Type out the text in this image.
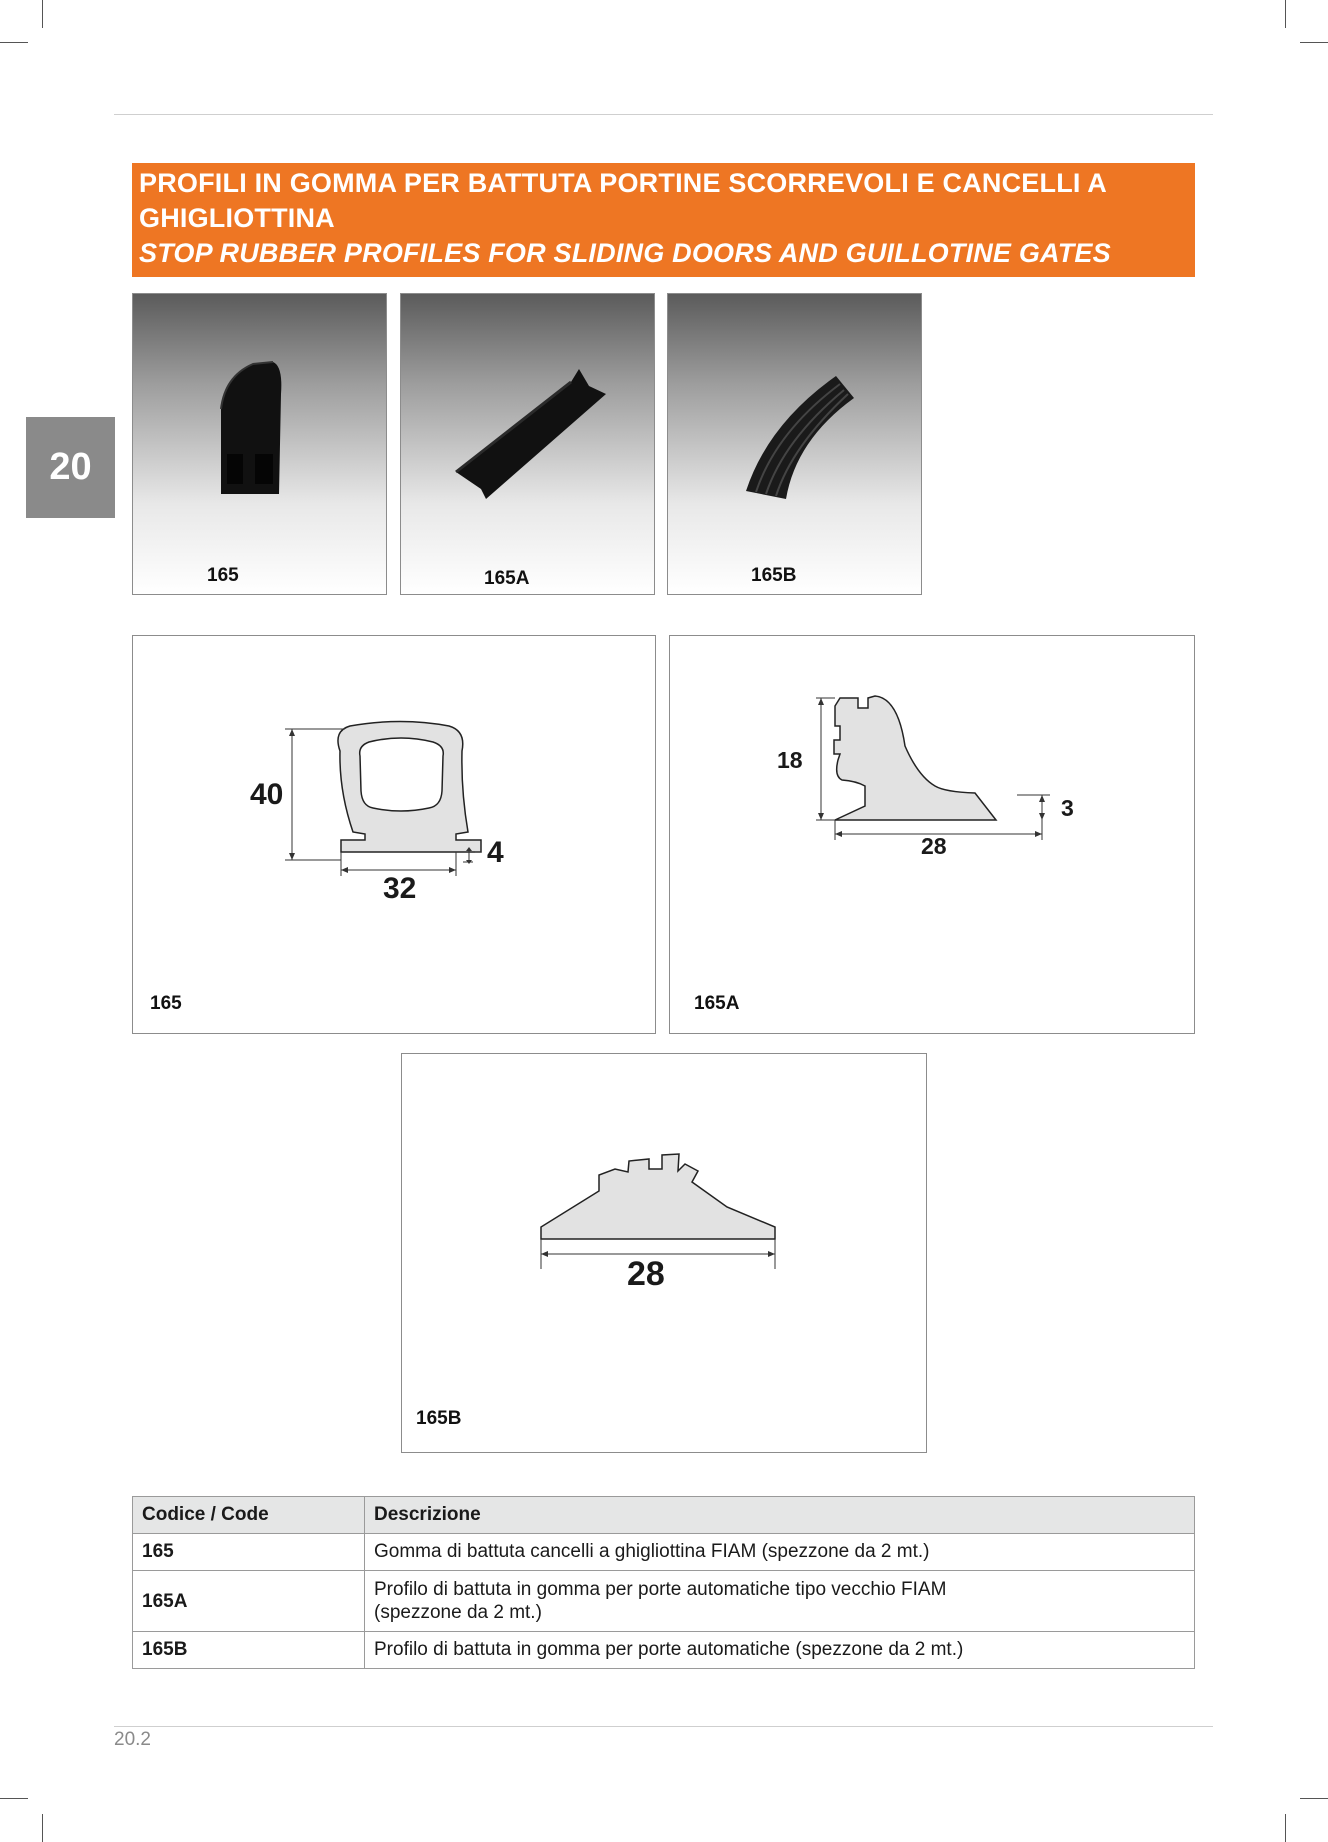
20
PROFILI IN GOMMA PER BATTUTA PORTINE SCORREVOLI E CANCELLI A
GHIGLIOTTINA
STOP RUBBER PROFILES FOR SLIDING DOORS AND GUILLOTINE GATES
165	165A	165B
40
32
4
165
18
28
3
165A
28
165B
Codice / Code	Descrizione
165	Gomma di battuta cancelli a ghigliottina FIAM (spezzone da 2 mt.)
165A	Profilo di battuta in gomma per porte automatiche tipo vecchio FIAM
(spezzone da 2 mt.)
165B	Profilo di battuta in gomma per porte automatiche (spezzone da 2 mt.)
20.2
